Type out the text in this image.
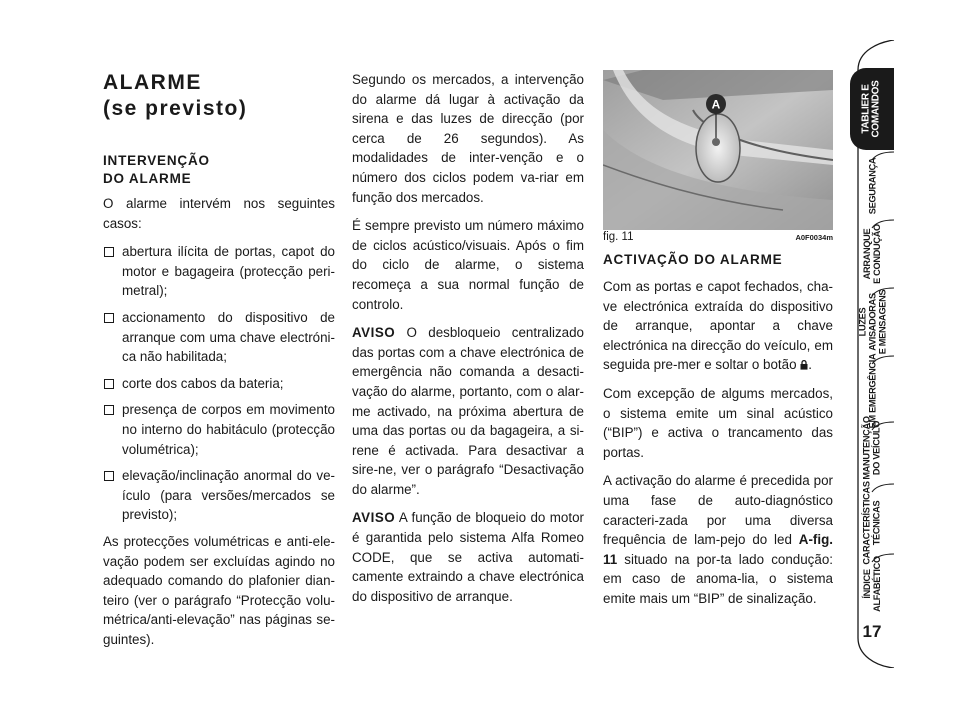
ALARME
(se previsto)
INTERVENÇÃO
DO ALARME

O alarme intervém nos seguintes casos:

abertura ilícita de portas, capot do motor e bagageira (protecção peri-metral);
accionamento do dispositivo de arranque com uma chave electróni-ca não habilitada;
corte dos cabos da bateria;
presença de corpos em movimento no interno do habitáculo (protecção volumétrica);
elevação/inclinação anormal do ve-ículo (para versões/mercados se previsto);

As protecções volumétricas e anti-ele-vação podem ser excluídas agindo no adequado comando do plafonier dian-teiro (ver o parágrafo “Protecção volu-métrica/anti-elevação” nas páginas se-guintes).

Segundo os mercados, a intervenção do alarme dá lugar à activação da sirena e das luzes de direcção (por cerca de 26 segundos). As modalidades de inter-venção e o número dos ciclos podem va-riar em função dos mercados.

É sempre previsto um número máximo de ciclos acústico/visuais. Após o fim do ciclo de alarme, o sistema recomeça a sua normal função de controlo.

AVISO O desbloqueio centralizado das portas com a chave electrónica de emergência não comanda a desacti-vação do alarme, portanto, com o alar-me activado, na próxima abertura de uma das portas ou da bagageira, a si-rene é activada. Para desactivar a sire-ne, ver o parágrafo “Desactivação do alarme”.

AVISO A função de bloqueio do motor é garantida pelo sistema Alfa Romeo CODE, que se activa automati-camente extraindo a chave electrónica do dispositivo de arranque.

A
fig. 11	A0F0034m
ACTIVAÇÃO DO ALARME

Com as portas e capot fechados, cha-ve electrónica extraída do dispositivo de arranque, apontar a chave electrónica na direcção do veículo, em seguida pre-mer e soltar o botão .

Com excepção de algums mercados, o sistema emite um sinal acústico (“BIP”) e activa o trancamento das portas.

A activação do alarme é precedida por uma fase de auto-diagnóstico caracteri-zada por uma diversa frequência de lam-pejo do led A-fig. 11 situado na por-ta lado condução: em caso de anoma-lia, o sistema emite mais um “BIP” de sinalização.

TABLIER E
COMANDOS
SEGURANÇA
ARRANQUE
E CONDUÇÃO
LUZES
AVISADORAS
E MENSAGENS
EM EMERGÊNCIA
MANUTENÇÃO
DO VEÍCULO
CARACTERÍSTICAS
TÉCNICAS
ÍNDICE
ALFABÉTICO
17
